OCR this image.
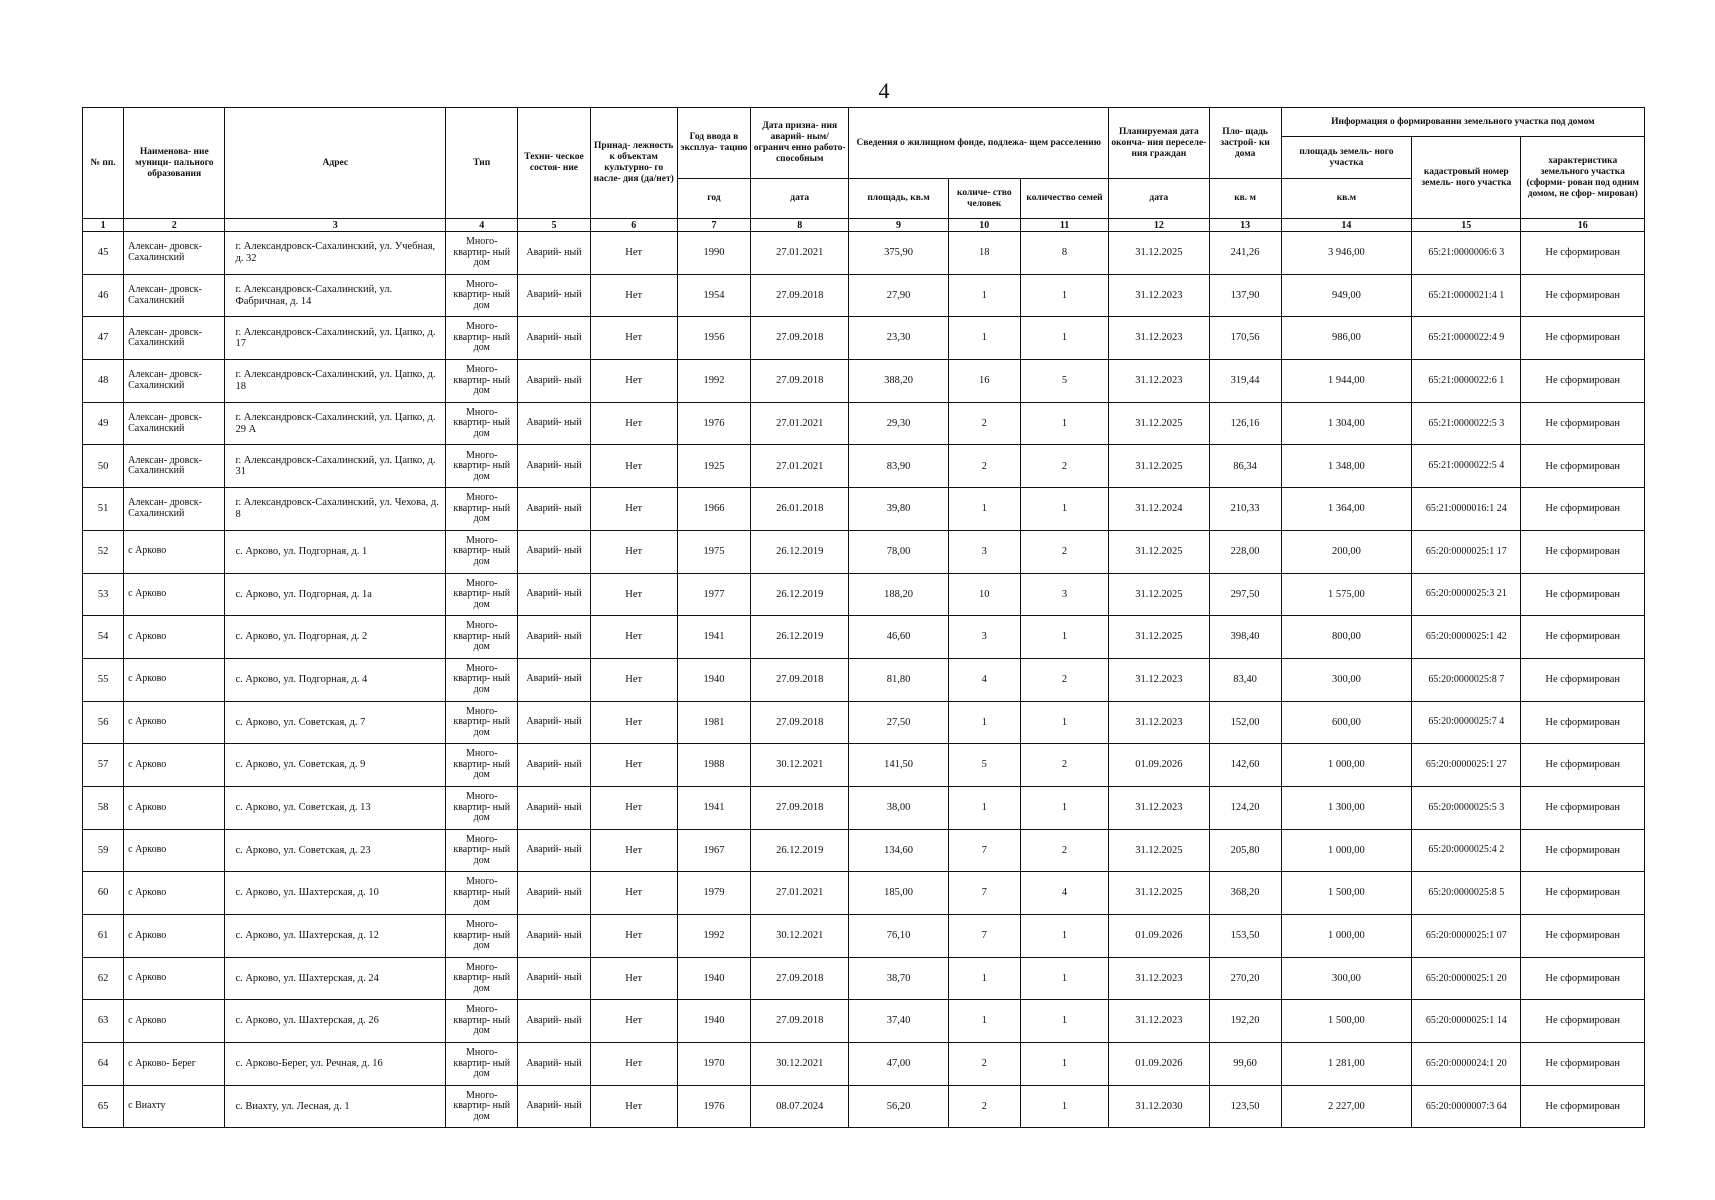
4
№ пп.	Наименова- ние муници- пального образования	Адрес	Тип	Техни- ческое состоя- ние	Принад- лежность к объектам культурно- го насле- дия (да/нет)	Год ввода в эксплуа- тацию	Дата призна- ния аварий- ным/огранич енно работо- способным	Сведения о жилищном фонде, подлежа- щем расселению			Планируемая дата оконча- ния переселе- ния граждан	Пло- щадь застрой- ки дома	Информация о формировании земельного участка под домом		
													площадь земель- ного участка	кадастровый номер земель- ного участка	характеристика земельного участка (сформи- рован под одним домом, не сфор- мирован)
						год	дата	площадь, кв.м	количе- ство человек	количество семей	дата	кв. м	кв.м		
1	2	3	4	5	6	7	8	9	10	11	12	13	14	15	16
45	Алексан- дровск- Сахалинский	г. Александровск-Сахалинский, ул. Учебная, д. 32	Много- квартир- ный дом	Аварий- ный	Нет	1990	27.01.2021	375,90	18	8	31.12.2025	241,26	3 946,00	65:21:0000006:6 3	Не сформирован
46	Алексан- дровск- Сахалинский	г. Александровск-Сахалинский, ул. Фабричная, д. 14	Много- квартир- ный дом	Аварий- ный	Нет	1954	27.09.2018	27,90	1	1	31.12.2023	137,90	949,00	65:21:0000021:4 1	Не сформирован
47	Алексан- дровск- Сахалинский	г. Александровск-Сахалинский, ул. Цапко, д. 17	Много- квартир- ный дом	Аварий- ный	Нет	1956	27.09.2018	23,30	1	1	31.12.2023	170,56	986,00	65:21:0000022:4 9	Не сформирован
48	Алексан- дровск- Сахалинский	г. Александровск-Сахалинский, ул. Цапко, д. 18	Много- квартир- ный дом	Аварий- ный	Нет	1992	27.09.2018	388,20	16	5	31.12.2023	319,44	1 944,00	65:21:0000022:6 1	Не сформирован
49	Алексан- дровск- Сахалинский	г. Александровск-Сахалинский, ул. Цапко, д. 29 А	Много- квартир- ный дом	Аварий- ный	Нет	1976	27.01.2021	29,30	2	1	31.12.2025	126,16	1 304,00	65:21:0000022:5 3	Не сформирован
50	Алексан- дровск- Сахалинский	г. Александровск-Сахалинский, ул. Цапко, д. 31	Много- квартир- ный дом	Аварий- ный	Нет	1925	27.01.2021	83,90	2	2	31.12.2025	86,34	1 348,00	65:21:0000022:5 4	Не сформирован
51	Алексан- дровск- Сахалинский	г. Александровск-Сахалинский, ул. Чехова, д. 8	Много- квартир- ный дом	Аварий- ный	Нет	1966	26.01.2018	39,80	1	1	31.12.2024	210,33	1 364,00	65:21:0000016:1 24	Не сформирован
52	с Арково	с. Арково, ул. Подгорная, д. 1	Много- квартир- ный дом	Аварий- ный	Нет	1975	26.12.2019	78,00	3	2	31.12.2025	228,00	200,00	65:20:0000025:1 17	Не сформирован
53	с Арково	с. Арково, ул. Подгорная, д. 1а	Много- квартир- ный дом	Аварий- ный	Нет	1977	26.12.2019	188,20	10	3	31.12.2025	297,50	1 575,00	65:20:0000025:3 21	Не сформирован
54	с Арково	с. Арково, ул. Подгорная, д. 2	Много- квартир- ный дом	Аварий- ный	Нет	1941	26.12.2019	46,60	3	1	31.12.2025	398,40	800,00	65:20:0000025:1 42	Не сформирован
55	с Арково	с. Арково, ул. Подгорная, д. 4	Много- квартир- ный дом	Аварий- ный	Нет	1940	27.09.2018	81,80	4	2	31.12.2023	83,40	300,00	65:20:0000025:8 7	Не сформирован
56	с Арково	с. Арково, ул. Советская, д. 7	Много- квартир- ный дом	Аварий- ный	Нет	1981	27.09.2018	27,50	1	1	31.12.2023	152,00	600,00	65:20:0000025:7 4	Не сформирован
57	с Арково	с. Арково, ул. Советская, д. 9	Много- квартир- ный дом	Аварий- ный	Нет	1988	30.12.2021	141,50	5	2	01.09.2026	142,60	1 000,00	65:20:0000025:1 27	Не сформирован
58	с Арково	с. Арково, ул. Советская, д. 13	Много- квартир- ный дом	Аварий- ный	Нет	1941	27.09.2018	38,00	1	1	31.12.2023	124,20	1 300,00	65:20:0000025:5 3	Не сформирован
59	с Арково	с. Арково, ул. Советская, д. 23	Много- квартир- ный дом	Аварий- ный	Нет	1967	26.12.2019	134,60	7	2	31.12.2025	205,80	1 000,00	65:20:0000025:4 2	Не сформирован
60	с Арково	с. Арково, ул. Шахтерская, д. 10	Много- квартир- ный дом	Аварий- ный	Нет	1979	27.01.2021	185,00	7	4	31.12.2025	368,20	1 500,00	65:20:0000025:8 5	Не сформирован
61	с Арково	с. Арково, ул. Шахтерская, д. 12	Много- квартир- ный дом	Аварий- ный	Нет	1992	30.12.2021	76,10	7	1	01.09.2026	153,50	1 000,00	65:20:0000025:1 07	Не сформирован
62	с Арково	с. Арково, ул. Шахтерская, д. 24	Много- квартир- ный дом	Аварий- ный	Нет	1940	27.09.2018	38,70	1	1	31.12.2023	270,20	300,00	65:20:0000025:1 20	Не сформирован
63	с Арково	с. Арково, ул. Шахтерская, д. 26	Много- квартир- ный дом	Аварий- ный	Нет	1940	27.09.2018	37,40	1	1	31.12.2023	192,20	1 500,00	65:20:0000025:1 14	Не сформирован
64	с Арково- Берег	с. Арково-Берег, ул. Речная, д. 16	Много- квартир- ный дом	Аварий- ный	Нет	1970	30.12.2021	47,00	2	1	01.09.2026	99,60	1 281,00	65:20:0000024:1 20	Не сформирован
65	с Виахту	с. Виахту, ул. Лесная, д. 1	Много- квартир- ный дом	Аварий- ный	Нет	1976	08.07.2024	56,20	2	1	31.12.2030	123,50	2 227,00	65:20:0000007:3 64	Не сформирован
